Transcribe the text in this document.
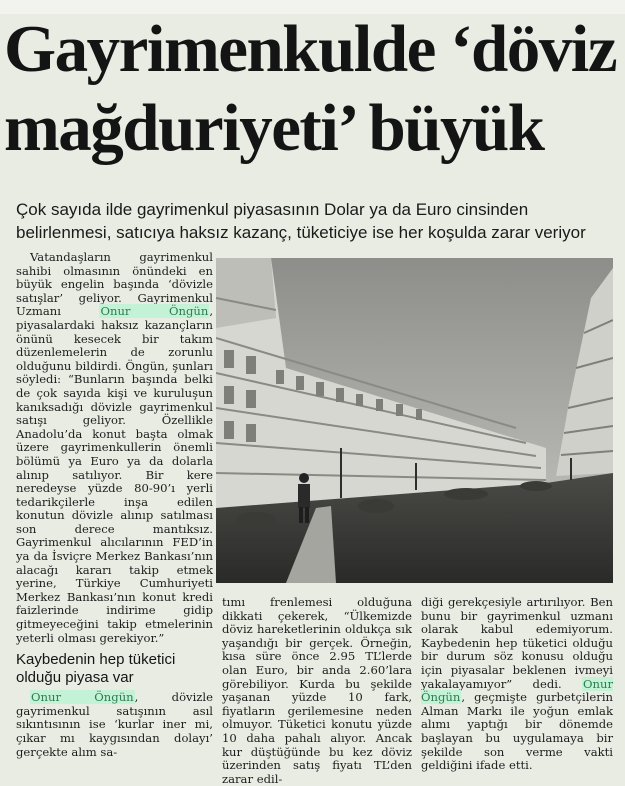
Gayrimenkulde ‘döviz
mağduriyeti’ büyük

Çok sayıda ilde gayrimenkul piyasasının Dolar ya da Euro cinsinden belirlenmesi, satıcıya haksız kazanç, tüketiciye ise her koşulda zarar veriyor

Vatandaşların gayrimenkul sahibi olmasının önündeki en büyük engelin başında ‘dövizle satışlar’ geliyor. Gayrimenkul Uzmanı Onur Öngün, piyasalardaki haksız kazançların önünü kesecek bir takım düzenlemelerin de zorunlu olduğunu bildirdi. Öngün, şunları söyledi: “Bunların başında belki de çok sayıda kişi ve kuruluşun kanıksadığı dövizle gayrimenkul satışı geliyor. Özellikle Anadolu’da konut başta olmak üzere gayrimenkullerin önemli bölümü ya Euro ya da dolarla alınıp satılıyor. Bir kere neredeyse yüzde 80-90’ı yerli tedarikçilerle inşa edilen konutun dövizle alınıp satılması son derece mantıksız. Gayrimenkul alıcılarının FED’in ya da İsviçre Merkez Bankası’nın alacağı kararı takip etmek yerine, Türkiye Cumhuriyeti Merkez Bankası’nın konut kredi faizlerinde indirime gidip gitmeyeceğini takip etmelerinin yeterli olması gerekiyor.”

Kaybedenin hep tüketici olduğu piyasa var

Onur Öngün, dövizle gayrimenkul satışının asıl sıkıntısının ise ‘kurlar iner mi, çıkar mı kaygısından dolayı’ gerçekte alım sa-

tımı frenlemesi olduğuna dikkati çekerek, “Ülkemizde döviz hareketlerinin oldukça sık yaşandığı bir gerçek. Örneğin, kısa süre önce 2.95 TL’lerde olan Euro, bir anda 2.60’lara görebiliyor. Kurda bu şekilde yaşanan yüzde 10 fark, fiyatların gerilemesine neden olmuyor. Tüketici konutu yüzde 10 daha pahalı alıyor. Ancak kur düştüğünde bu kez döviz üzerinden satış fiyatı TL’den zarar edil-

diği gerekçesiyle artırılıyor. Ben bunu bir gayrimenkul uzmanı olarak kabul edemiyorum. Kaybedenin hep tüketici olduğu bir durum söz konusu olduğu için piyasalar beklenen ivmeyi yakalayamıyor” dedi. Onur Öngün, geçmişte gurbetçilerin Alman Markı ile yoğun emlak alımı yaptığı bir dönemde başlayan bu uygulamaya bir şekilde son verme vakti geldiğini ifade etti.
